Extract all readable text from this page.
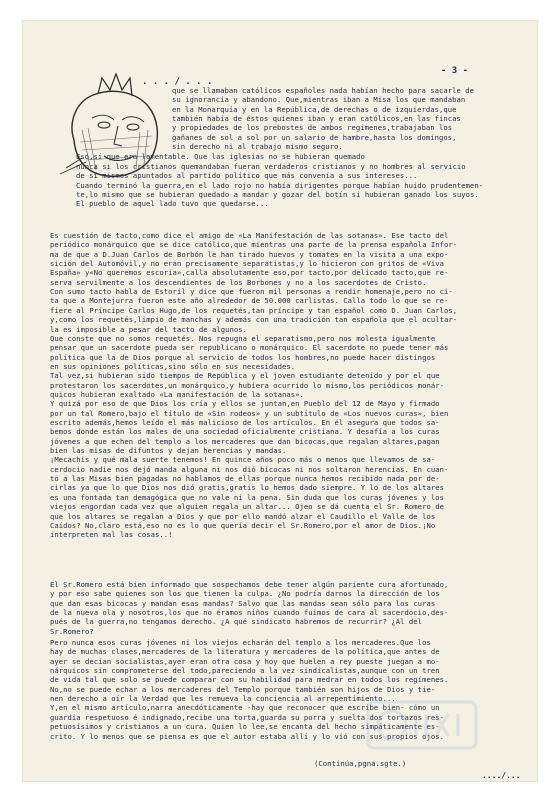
. . . / . . .
- 3 -
que se llamaban católicos españoles nada habían hecho para sacarle de
su ignorancia y abandono. Que,mientras iban a Misa los que mandaban
en la Monarquía y en la República,de derechas o de izquierdas,que
también había de éstos quienes iban y eran católicos,en las fincas
y propiedades de los prebostes de ambos regímenes,trabajaban los
gañanes de sol a sol por un salario de hambre,hasta los domingos,
sin derecho ni al trabajo mismo seguro.
Eso,sí que era lamentable. Que las iglesias no se hubieran quemado
nunca si los cristianos quemandaban fueran verdaderos cristianos y no hombres al servicio
de sí mismos apuntados al partido político que más convenía a sus intereses...
Cuando terminó la guerra,en el lado rojo no había dirigentes porque habían huido prudentemen-
te,lo mismo que se hubieran quedado a mandar y gozar del botín si hubieran ganado los suyos.
El pueblo de aquel lado tuvo que quedarse...
Es cuestión de tacto,como dice el amigo de «La Manifestación de las sotanas». Ese tacto del
periódico monárquico que se dice católico,que mientras una parte de la prensa española Infor-
ma de que a D.Juan Carlos de Borbón le han tirado huevos y tomates en la visita a una expo-
sición del Automóvil,y no eran precisamente separatistas,y lo hicieron con gritos de «Viva
España» y«No queremos escoria»,calla absolutamente eso,por tacto,por delicado tacto,que re-
serva servilmente a los descendientes de los Borbones y no a los sacerdotes de Cristo.
Con sumo tacto habla de Estoril y dice que fueron mil personas a rendir homenaje,pero no ci-
ta que a Montejurra fueron este año alrededor de 50.000 carlistas. Calla todo lo que se re-
fiere al Príncipe Carlos Hugo,de los requetés,tan príncipe y tan español como D. Juan Carlos,
y,como los requetés,limpio de manchas y además con una tradición tan española que el ocultar-
la es imposible a pesar del tacto de algunos.
Que conste que no somos requetés. Nos repugna el separatismo,pero nos molesta igualmente
pensar que un sacerdote pueda ser republicano o monárquico. El sacerdote no puede tener más
política que la de Dios porque al servicio de todos los hombres,no puede hacer distingos
en sus opiniones políticas,sino sólo en sus necesidades.
Tal vez,si hubieran sido tiempos de República y el joven estudiante detenido y por el que
protestaron los sacerdotes,un monárquico,y hubiera ocurrido lo mismo,los periódicos monár-
quicos hubieran exaltado «La manifestación de la sotanas».
Y quizá por eso de que Dios los cría y ellos se juntan,en Pueblo del 12 de Mayo y firmado
por un tal Romero,bajo el título de «Sin rodeos» y un subtítulo de «Los nuevos curas», bien
escrito además,hemos leído el más malicioso de los artículos. En él asegura que todos sa-
bemos donde están los males de una sociedad oficialmente cristiana. Y desafía a los curas
jóvenes a que echen del templo a los mercaderes que dan bicocas,que regalan altares,pagan
bien las misas de difuntos y dejan herencias y mandas.
¡Mecachis y qué mala suerte tenemos! En quince años poco más o menos que llevamos de sa-
cerdocio nadie nos dejó manda alguna ni nos dió bicocas ni nos soltaron herencias. En cuan-
to a las Misas bien pagadas no hablamos de ellas porque nunca hemos recibido nada por de-
cirlas ya que lo que Dios nos dió gratis,gratis lo hemos dado siempre. Y lo de los altares
es una fontada tan demagógica que no vale ni la pena. Sin duda que los curas jóvenes y los
viejos engordan cada vez que alguien regala un altar... Ojeo se dá cuenta el Sr. Romero de
que los altares se regalan a Dios y que por ello mandó alzar el Caudillo el Valle de los
Caídos? No,claro está,eso no es lo que quería decir el Sr.Romero,por el amor de Dios.¡No
interpreten mal las cosas..!
El Sr.Romero está bien informado que sospechamos debe tener algún pariente cura afortunado,
y por eso sabe quienes son los que tienen la culpa. ¿No podría darnos la dirección de los
que dan esas bicocas y mandan esas mandas? Salvo que las mandas sean sólo para los curas
de la nueva ola y nosotros,los que no éramos niños cuando fuimos de cara al sacerdocio,des-
pués de la guerra,no tengamos derecho. ¿A qué sindicato habremos de recurrir? ¿Al del
Sr.Romero?
Pero nunca esos curas jóvenes ni los viejos echarán del templo a los mercaderes.Que los
hay de muchas clases,mercaderes de la literatura y mercaderes de la política,que antes de
ayer se decían socialistas,ayer eran otra cosa y hoy que huelen a rey pueste juegan a mo-
nárquicos sin comprometerse del todo,pareciendo a la vez sindicalistas,aunque con un tren
de vida tal que solo se puede comparar con su habilidad para medrar en todos los regímenes.
No,no se puede echar a los mercaderes del Templo porque también son hijos de Dios y tie-
nen derecho a oír la Verdad que les remueva la conciencia al arrepentimiento...
Y,en el mismo artículo,narra anecdóticamente -hay que reconocer que escribe bien- cómo un
guardia respetuoso é indignado,recibe una torta,guarda su porra y suelta dos tortazos res-
petuosísimos y cristianos a un cura. Quien lo lee,se encanta del hecho simpáticamente es-
crito. Y lo menos que se piensa es que el autor estaba allí y lo vió con sus propios ojos.
(Continúa,pgna.sgte.)
..../...
